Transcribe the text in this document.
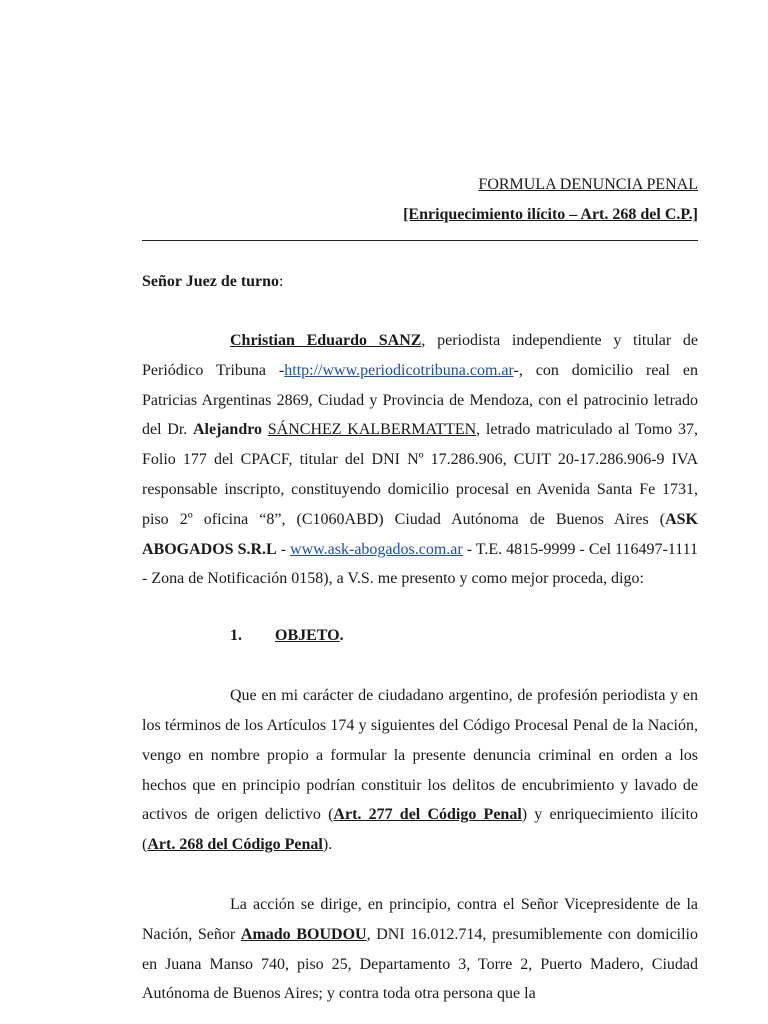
FORMULA DENUNCIA PENAL
[Enriquecimiento ilícito – Art. 268 del C.P.]
Señor Juez de turno:

Christian Eduardo SANZ, periodista independiente y titular de Periódico Tribuna -http://www.periodicotribuna.com.ar-, con domicilio real en Patricias Argentinas 2869, Ciudad y Provincia de Mendoza, con el patrocinio letrado del Dr. Alejandro SÁNCHEZ KALBERMATTEN, letrado matriculado al Tomo 37, Folio 177 del CPACF, titular del DNI Nº 17.286.906, CUIT 20-17.286.906-9 IVA responsable inscripto, constituyendo domicilio procesal en Avenida Santa Fe 1731, piso 2º oficina “8”, (C1060ABD) Ciudad Autónoma de Buenos Aires (ASK ABOGADOS S.R.L - www.ask-abogados.com.ar - T.E. 4815-9999 - Cel 116497-1111 - Zona de Notificación 0158), a V.S. me presento y como mejor proceda, digo:

1. OBJETO.

Que en mi carácter de ciudadano argentino, de profesión periodista y en los términos de los Artículos 174 y siguientes del Código Procesal Penal de la Nación, vengo en nombre propio a formular la presente denuncia criminal en orden a los hechos que en principio podrían constituir los delitos de encubrimiento y lavado de activos de origen delictivo (Art. 277 del Código Penal) y enriquecimiento ilícito (Art. 268 del Código Penal).

La acción se dirige, en principio, contra el Señor Vicepresidente de la Nación, Señor Amado BOUDOU, DNI 16.012.714, presumiblemente con domicilio en Juana Manso 740, piso 25, Departamento 3, Torre 2, Puerto Madero, Ciudad Autónoma de Buenos Aires; y contra toda otra persona que la
